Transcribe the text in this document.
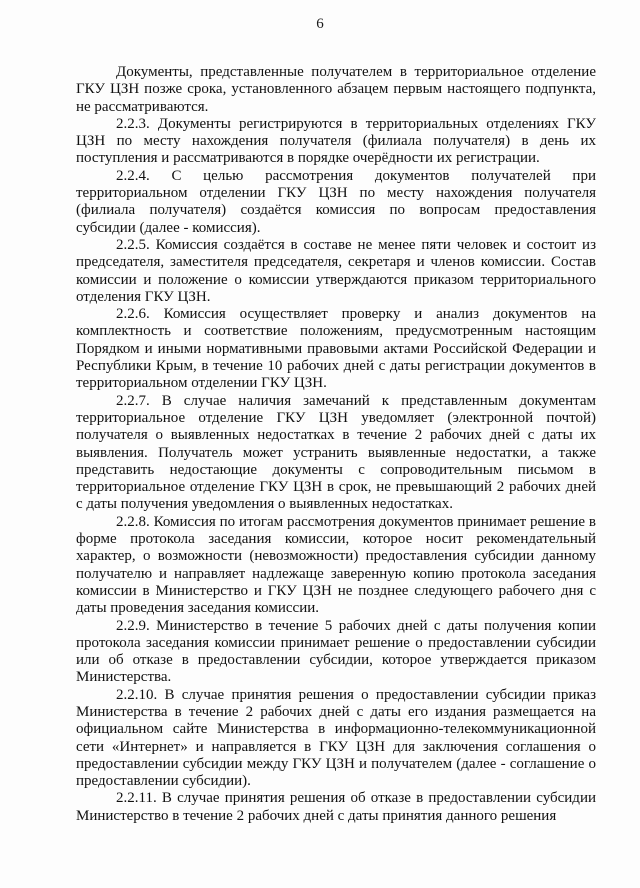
6

Документы, представленные получателем в территориальное отделение ГКУ ЦЗН позже срока, установленного абзацем первым настоящего подпункта, не рассматриваются.

2.2.3. Документы регистрируются в территориальных отделениях ГКУ ЦЗН по месту нахождения получателя (филиала получателя) в день их поступления и рассматриваются в порядке очерёдности их регистрации.

2.2.4. С целью рассмотрения документов получателей при территориальном отделении ГКУ ЦЗН по месту нахождения получателя (филиала получателя) создаётся комиссия по вопросам предоставления субсидии (далее - комиссия).

2.2.5. Комиссия создаётся в составе не менее пяти человек и состоит из председателя, заместителя председателя, секретаря и членов комиссии. Состав комиссии и положение о комиссии утверждаются приказом территориального отделения ГКУ ЦЗН.

2.2.6. Комиссия осуществляет проверку и анализ документов на комплектность и соответствие положениям, предусмотренным настоящим Порядком и иными нормативными правовыми актами Российской Федерации и Республики Крым, в течение 10 рабочих дней с даты регистрации документов в территориальном отделении ГКУ ЦЗН.

2.2.7. В случае наличия замечаний к представленным документам территориальное отделение ГКУ ЦЗН уведомляет (электронной почтой) получателя о выявленных недостатках в течение 2 рабочих дней с даты их выявления. Получатель может устранить выявленные недостатки, а также представить недостающие документы с сопроводительным письмом в территориальное отделение ГКУ ЦЗН в срок, не превышающий 2 рабочих дней с даты получения уведомления о выявленных недостатках.

2.2.8. Комиссия по итогам рассмотрения документов принимает решение в форме протокола заседания комиссии, которое носит рекомендательный характер, о возможности (невозможности) предоставления субсидии данному получателю и направляет надлежаще заверенную копию протокола заседания комиссии в Министерство и ГКУ ЦЗН не позднее следующего рабочего дня с даты проведения заседания комиссии.

2.2.9. Министерство в течение 5 рабочих дней с даты получения копии протокола заседания комиссии принимает решение о предоставлении субсидии или об отказе в предоставлении субсидии, которое утверждается приказом Министерства.

2.2.10. В случае принятия решения о предоставлении субсидии приказ Министерства в течение 2 рабочих дней с даты его издания размещается на официальном сайте Министерства в информационно-телекоммуникационной сети «Интернет» и направляется в ГКУ ЦЗН для заключения соглашения о предоставлении субсидии между ГКУ ЦЗН и получателем (далее - соглашение о предоставлении субсидии).

2.2.11. В случае принятия решения об отказе в предоставлении субсидии Министерство в течение 2 рабочих дней с даты принятия данного решения
